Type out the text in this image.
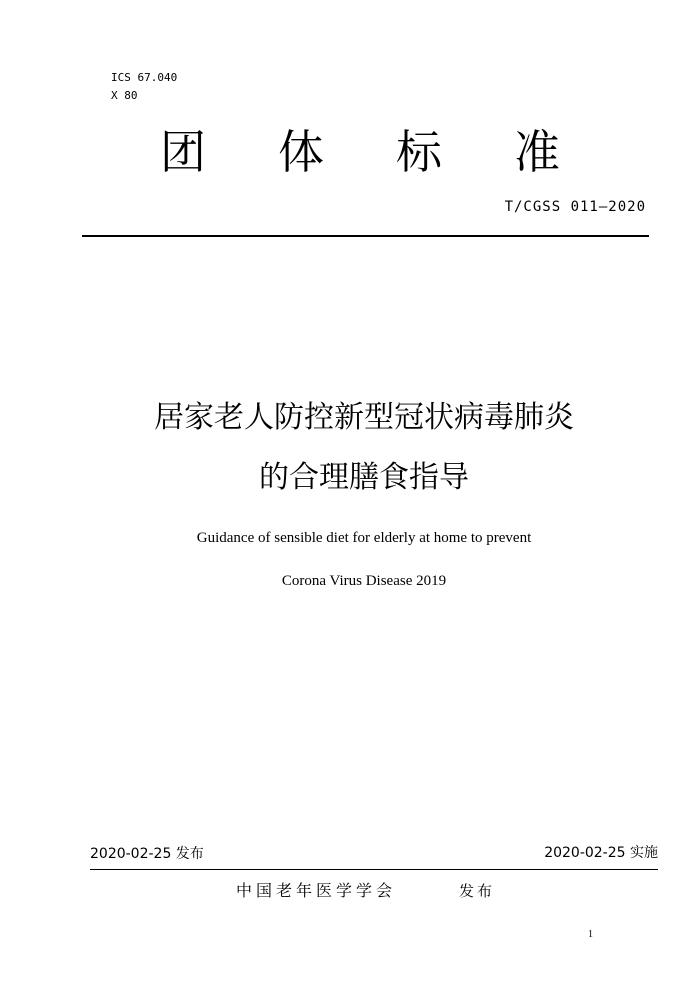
ICS 67.040
X 80
团 体 标 准
T/CGSS 011—2020
居家老人防控新型冠状病毒肺炎
的合理膳食指导
Guidance of sensible diet for elderly at home to prevent
Corona Virus Disease 2019
2020-02-25 发布	2020-02-25 实施
中国老年医学学会	发布
1
